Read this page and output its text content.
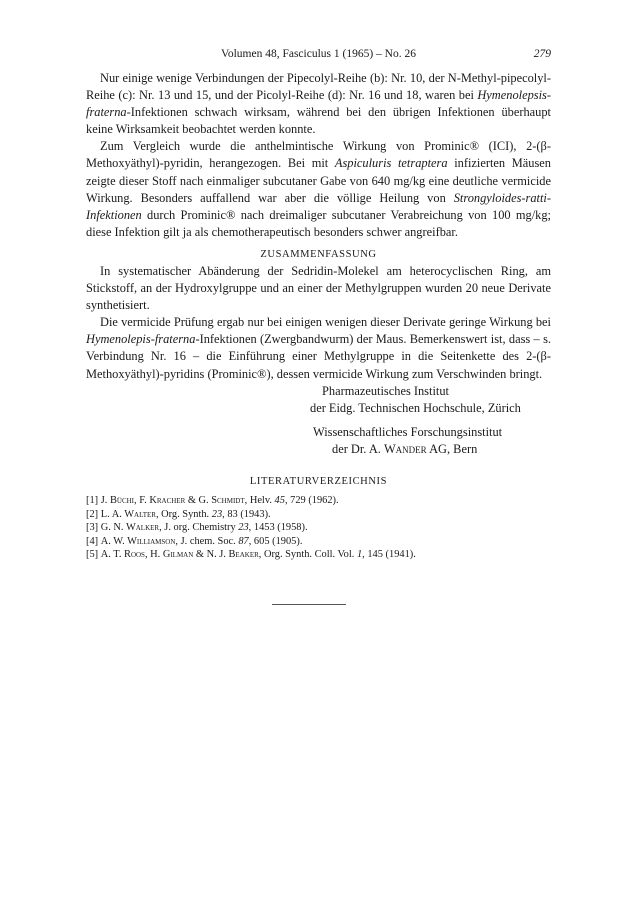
Volumen 48, Fasciculus 1 (1965) – No. 26	279

Nur einige wenige Verbindungen der Pipecolyl-Reihe (b): Nr. 10, der N-Methyl-pipecolyl-Reihe (c): Nr. 13 und 15, und der Picolyl-Reihe (d): Nr. 16 und 18, waren bei Hymenolepsis-fraterna-Infektionen schwach wirksam, während bei den übrigen Infektionen überhaupt keine Wirksamkeit beobachtet werden konnte.

Zum Vergleich wurde die anthelmintische Wirkung von Prominic® (ICI), 2-(β-Methoxyäthyl)-pyridin, herangezogen. Bei mit Aspiculuris tetraptera infizierten Mäusen zeigte dieser Stoff nach einmaliger subcutaner Gabe von 640 mg/kg eine deutliche vermicide Wirkung. Besonders auffallend war aber die völlige Heilung von Strongyloides-ratti-Infektionen durch Prominic® nach dreimaliger subcutaner Verabreichung von 100 mg/kg; diese Infektion gilt ja als chemotherapeutisch besonders schwer angreifbar.

ZUSAMMENFASSUNG

In systematischer Abänderung der Sedridin-Molekel am heterocyclischen Ring, am Stickstoff, an der Hydroxylgruppe und an einer der Methylgruppen wurden 20 neue Derivate synthetisiert.

Die vermicide Prüfung ergab nur bei einigen wenigen dieser Derivate geringe Wirkung bei Hymenolepis-fraterna-Infektionen (Zwergbandwurm) der Maus. Bemerkenswert ist, dass – s. Verbindung Nr. 16 – die Einführung einer Methylgruppe in die Seitenkette des 2-(β-Methoxyäthyl)-pyridins (Prominic®), dessen vermicide Wirkung zum Verschwinden bringt.

Pharmazeutisches Institut
der Eidg. Technischen Hochschule, Zürich
Wissenschaftliches Forschungsinstitut
der Dr. A. Wander AG, Bern
LITERATURVERZEICHNIS
[1] J. Büchi, F. Kracher & G. Schmidt, Helv. 45, 729 (1962).
[2] L. A. Walter, Org. Synth. 23, 83 (1943).
[3] G. N. Walker, J. org. Chemistry 23, 1453 (1958).
[4] A. W. Williamson, J. chem. Soc. 87, 605 (1905).
[5] A. T. Roos, H. Gilman & N. J. Beaker, Org. Synth. Coll. Vol. 1, 145 (1941).
